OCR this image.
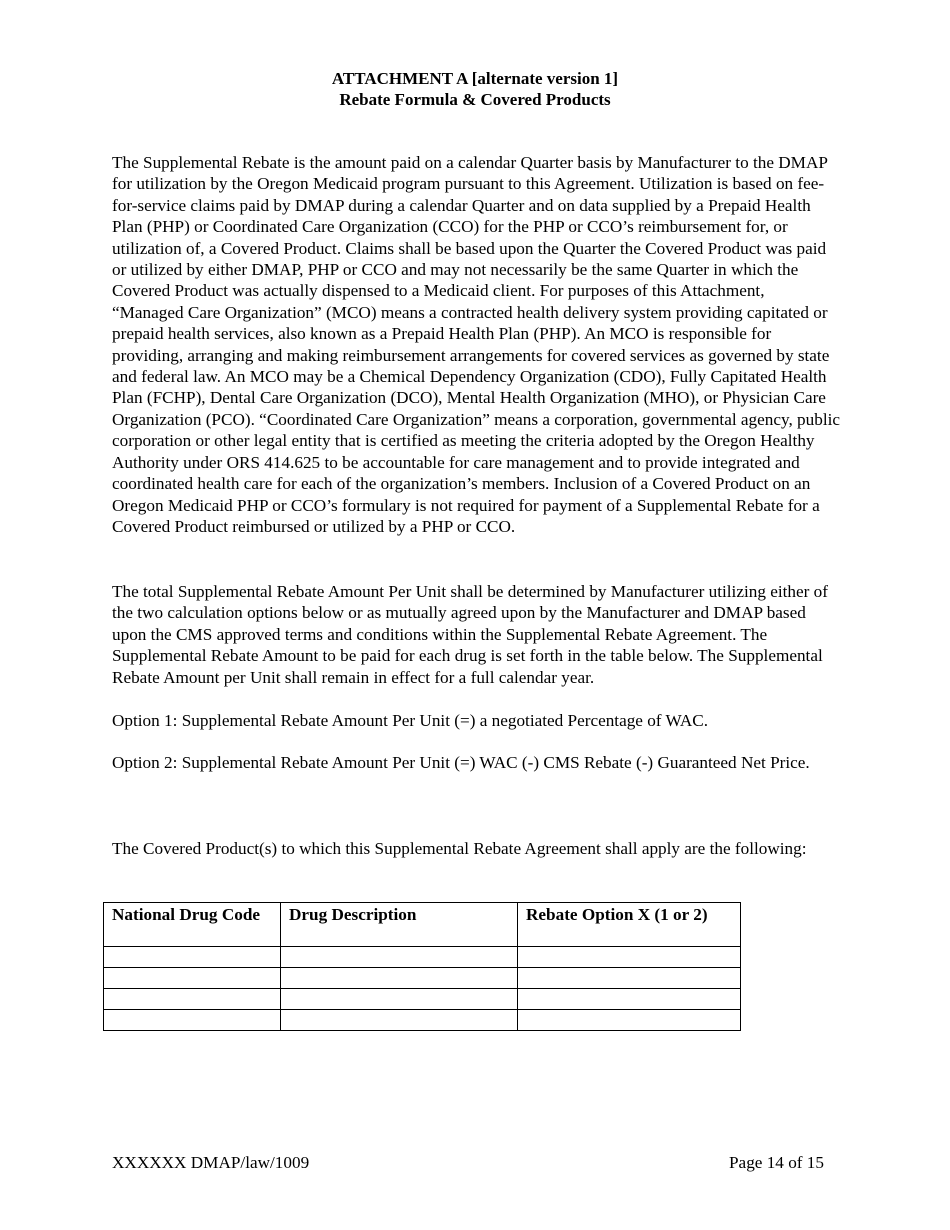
ATTACHMENT A [alternate version 1]
Rebate Formula & Covered Products

The Supplemental Rebate is the amount paid on a calendar Quarter basis by Manufacturer to the DMAP for utilization by the Oregon Medicaid program pursuant to this Agreement. Utilization is based on fee-for-service claims paid by DMAP during a calendar Quarter and on data supplied by a Prepaid Health Plan (PHP) or Coordinated Care Organization (CCO) for the PHP or CCO’s reimbursement for, or utilization of, a Covered Product. Claims shall be based upon the Quarter the Covered Product was paid or utilized by either DMAP, PHP or CCO and may not necessarily be the same Quarter in which the Covered Product was actually dispensed to a Medicaid client. For purposes of this Attachment, “Managed Care Organization” (MCO) means a contracted health delivery system providing capitated or prepaid health services, also known as a Prepaid Health Plan (PHP). An MCO is responsible for providing, arranging and making reimbursement arrangements for covered services as governed by state and federal law. An MCO may be a Chemical Dependency Organization (CDO), Fully Capitated Health Plan (FCHP), Dental Care Organization (DCO), Mental Health Organization (MHO), or Physician Care Organization (PCO). “Coordinated Care Organization” means a corporation, governmental agency, public corporation or other legal entity that is certified as meeting the criteria adopted by the Oregon Healthy Authority under ORS 414.625 to be accountable for care management and to provide integrated and coordinated health care for each of the organization’s members. Inclusion of a Covered Product on an Oregon Medicaid PHP or CCO’s formulary is not required for payment of a Supplemental Rebate for a Covered Product reimbursed or utilized by a PHP or CCO.

The total Supplemental Rebate Amount Per Unit shall be determined by Manufacturer utilizing either of the two calculation options below or as mutually agreed upon by the Manufacturer and DMAP based upon the CMS approved terms and conditions within the Supplemental Rebate Agreement. The Supplemental Rebate Amount to be paid for each drug is set forth in the table below. The Supplemental Rebate Amount per Unit shall remain in effect for a full calendar year.

Option 1: Supplemental Rebate Amount Per Unit (=) a negotiated Percentage of WAC.

Option 2: Supplemental Rebate Amount Per Unit (=) WAC (-) CMS Rebate (-) Guaranteed Net Price.

The Covered Product(s) to which this Supplemental Rebate Agreement shall apply are the following:

National Drug Code	Drug Description	Rebate Option X (1 or 2)

XXXXXX DMAP/law/1009	Page 14 of 15
